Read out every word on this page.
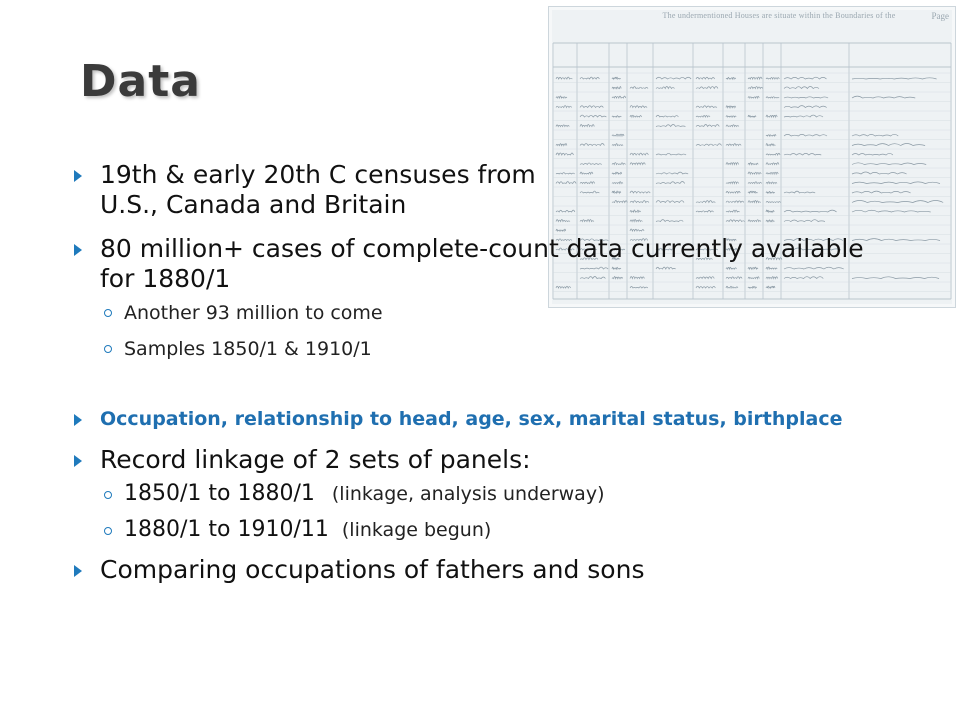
The undermentioned Houses are situate within the Boundaries of the	Page
Data
19th & early 20th C censuses from U.S., Canada and Britain
80 million+ cases of complete-count data currently available for 1880/1
Another 93 million to come
Samples 1850/1 & 1910/1
Occupation, relationship to head, age, sex, marital status, birthplace
Record linkage of 2 sets of panels:
1850/1 to 1880/1 (linkage, analysis underway)
1880/1 to 1910/11 (linkage begun)
Comparing occupations of fathers and sons
